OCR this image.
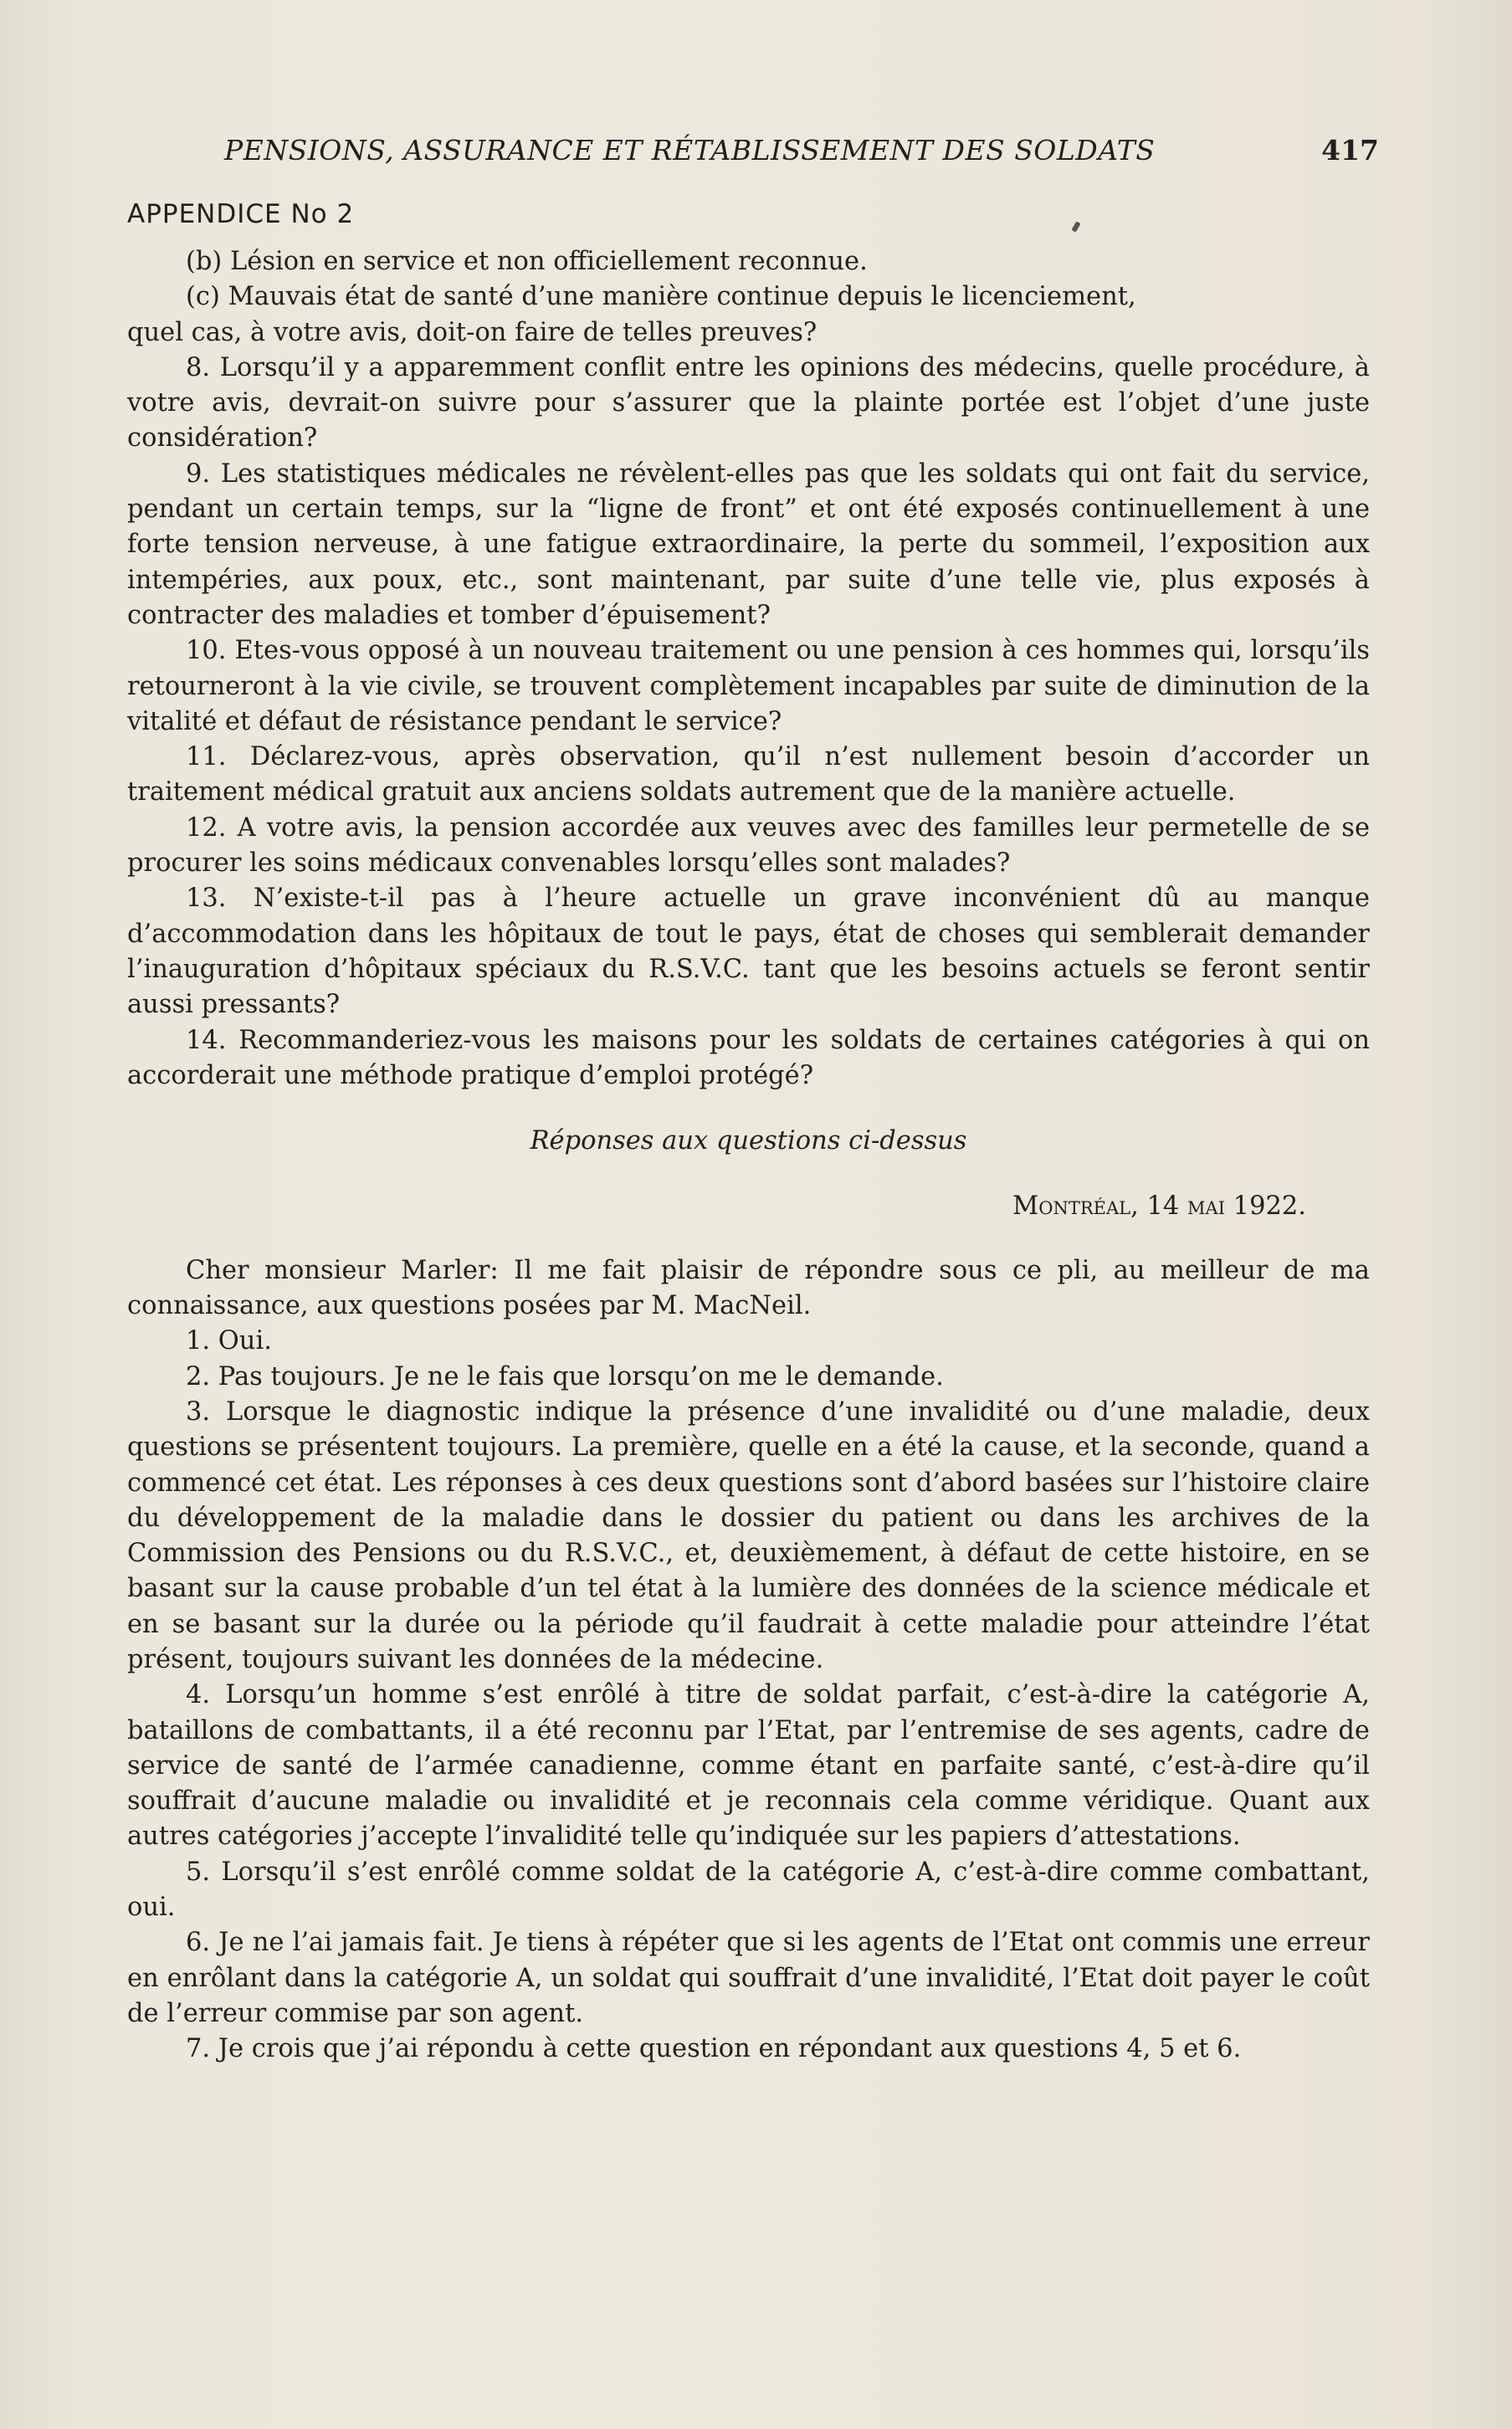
PENSIONS, ASSURANCE ET RÉTABLISSEMENT DES SOLDATS	417
APPENDICE No 2

(b) Lésion en service et non officiellement reconnue.

(c) Mauvais état de santé d’une manière continue depuis le licenciement,

quel cas, à votre avis, doit-on faire de telles preuves?

8. Lorsqu’il y a apparemment conflit entre les opinions des médecins, quelle procédure, à votre avis, devrait-on suivre pour s’assurer que la plainte portée est l’objet d’une juste considération?

9. Les statistiques médicales ne révèlent-elles pas que les soldats qui ont fait du service, pendant un certain temps, sur la “ligne de front” et ont été exposés continuellement à une forte tension nerveuse, à une fatigue extraordinaire, la perte du sommeil, l’exposition aux intempéries, aux poux, etc., sont maintenant, par suite d’une telle vie, plus exposés à contracter des maladies et tomber d’épuisement?

10. Etes-vous opposé à un nouveau traitement ou une pension à ces hommes qui, lorsqu’ils retourneront à la vie civile, se trouvent complètement incapables par suite de diminution de la vitalité et défaut de résistance pendant le service?

11. Déclarez-vous, après observation, qu’il n’est nullement besoin d’accorder un traitement médical gratuit aux anciens soldats autrement que de la manière actuelle.

12. A votre avis, la pension accordée aux veuves avec des familles leur permetelle de se procurer les soins médicaux convenables lorsqu’elles sont malades?

13. N’existe-t-il pas à l’heure actuelle un grave inconvénient dû au manque d’accommodation dans les hôpitaux de tout le pays, état de choses qui semblerait demander l’inauguration d’hôpitaux spéciaux du R.S.V.C. tant que les besoins actuels se feront sentir aussi pressants?

14. Recommanderiez-vous les maisons pour les soldats de certaines catégories à qui on accorderait une méthode pratique d’emploi protégé?

Réponses aux questions ci-dessus

Montréal, 14 mai 1922.

Cher monsieur Marler: Il me fait plaisir de répondre sous ce pli, au meilleur de ma connaissance, aux questions posées par M. MacNeil.

1. Oui.

2. Pas toujours. Je ne le fais que lorsqu’on me le demande.

3. Lorsque le diagnostic indique la présence d’une invalidité ou d’une maladie, deux questions se présentent toujours. La première, quelle en a été la cause, et la seconde, quand a commencé cet état. Les réponses à ces deux questions sont d’abord basées sur l’histoire claire du développement de la maladie dans le dossier du patient ou dans les archives de la Commission des Pensions ou du R.S.V.C., et, deuxièmement, à défaut de cette histoire, en se basant sur la cause probable d’un tel état à la lumière des données de la science médicale et en se basant sur la durée ou la période qu’il faudrait à cette maladie pour atteindre l’état présent, toujours suivant les données de la médecine.

4. Lorsqu’un homme s’est enrôlé à titre de soldat parfait, c’est-à-dire la catégorie A, bataillons de combattants, il a été reconnu par l’Etat, par l’entremise de ses agents, cadre de service de santé de l’armée canadienne, comme étant en parfaite santé, c’est-à-dire qu’il souffrait d’aucune maladie ou invalidité et je reconnais cela comme véridique. Quant aux autres catégories j’accepte l’invalidité telle qu’indiquée sur les papiers d’attestations.

5. Lorsqu’il s’est enrôlé comme soldat de la catégorie A, c’est-à-dire comme combattant, oui.

6. Je ne l’ai jamais fait. Je tiens à répéter que si les agents de l’Etat ont commis une erreur en enrôlant dans la catégorie A, un soldat qui souffrait d’une invalidité, l’Etat doit payer le coût de l’erreur commise par son agent.

7. Je crois que j’ai répondu à cette question en répondant aux questions 4, 5 et 6.
